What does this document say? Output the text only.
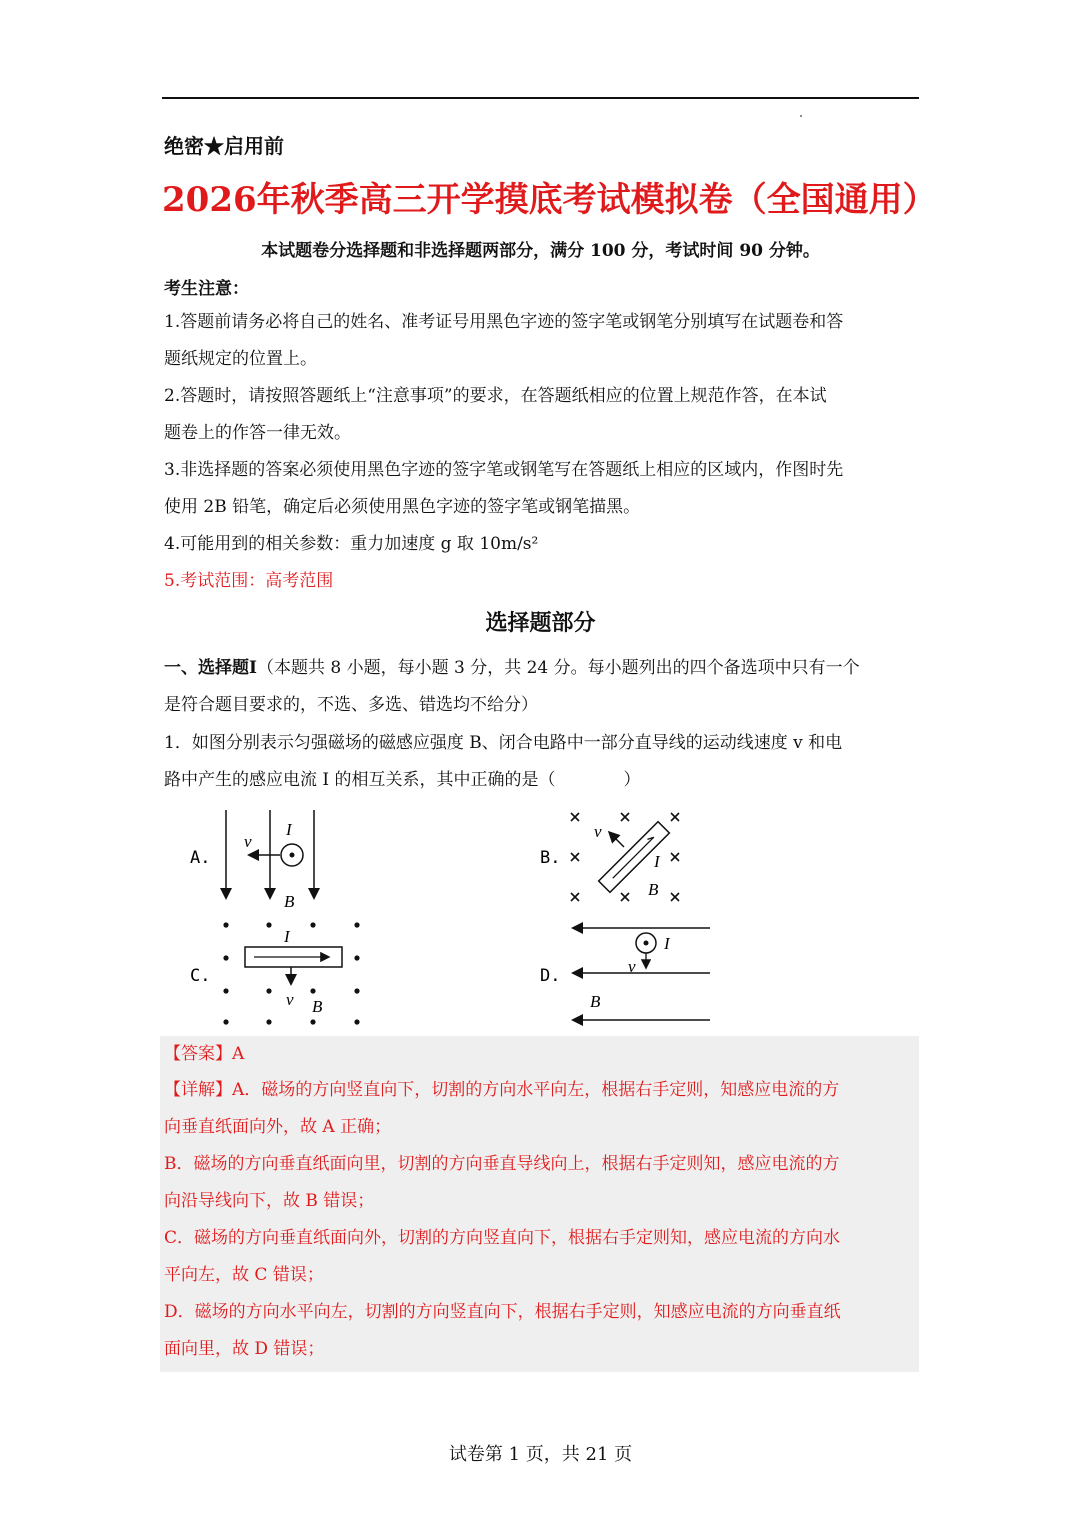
绝密★启用前
2026年秋季高三开学摸底考试模拟卷（全国通用）
本试题卷分选择题和非选择题两部分，满分 100 分，考试时间 90 分钟。
考生注意：
1.答题前请务必将自己的姓名、准考证号用黑色字迹的签字笔或钢笔分别填写在试题卷和答
题纸规定的位置上。
2.答题时，请按照答题纸上“注意事项”的要求，在答题纸相应的位置上规范作答，在本试
题卷上的作答一律无效。
3.非选择题的答案必须使用黑色字迹的签字笔或钢笔写在答题纸上相应的区域内，作图时先
使用 2B 铅笔，确定后必须使用黑色字迹的签字笔或钢笔描黑。
4.可能用到的相关参数：重力加速度 g 取 10m/s²
5.考试范围：高考范围
选择题部分
一、选择题Ⅰ（本题共 8 小题，每小题 3 分，共 24 分。每小题列出的四个备选项中只有一个
是符合题目要求的，不选、多选、错选均不给分）
1．如图分别表示匀强磁场的磁感应强度 B、闭合电路中一部分直导线的运动线速度 v 和电
路中产生的感应电流 I 的相互关系，其中正确的是（　　　　）
A.
v
I
B
B.
v
I
B
C.
I
v B
D.	v
I
B
【答案】A
【详解】A．磁场的方向竖直向下，切割的方向水平向左，根据右手定则，知感应电流的方
向垂直纸面向外，故 A 正确；
B．磁场的方向垂直纸面向里，切割的方向垂直导线向上，根据右手定则知，感应电流的方
向沿导线向下，故 B 错误；
C．磁场的方向垂直纸面向外，切割的方向竖直向下，根据右手定则知，感应电流的方向水
平向左，故 C 错误；
D．磁场的方向水平向左，切割的方向竖直向下，根据右手定则，知感应电流的方向垂直纸
面向里，故 D 错误；
试卷第 1 页，共 21 页
